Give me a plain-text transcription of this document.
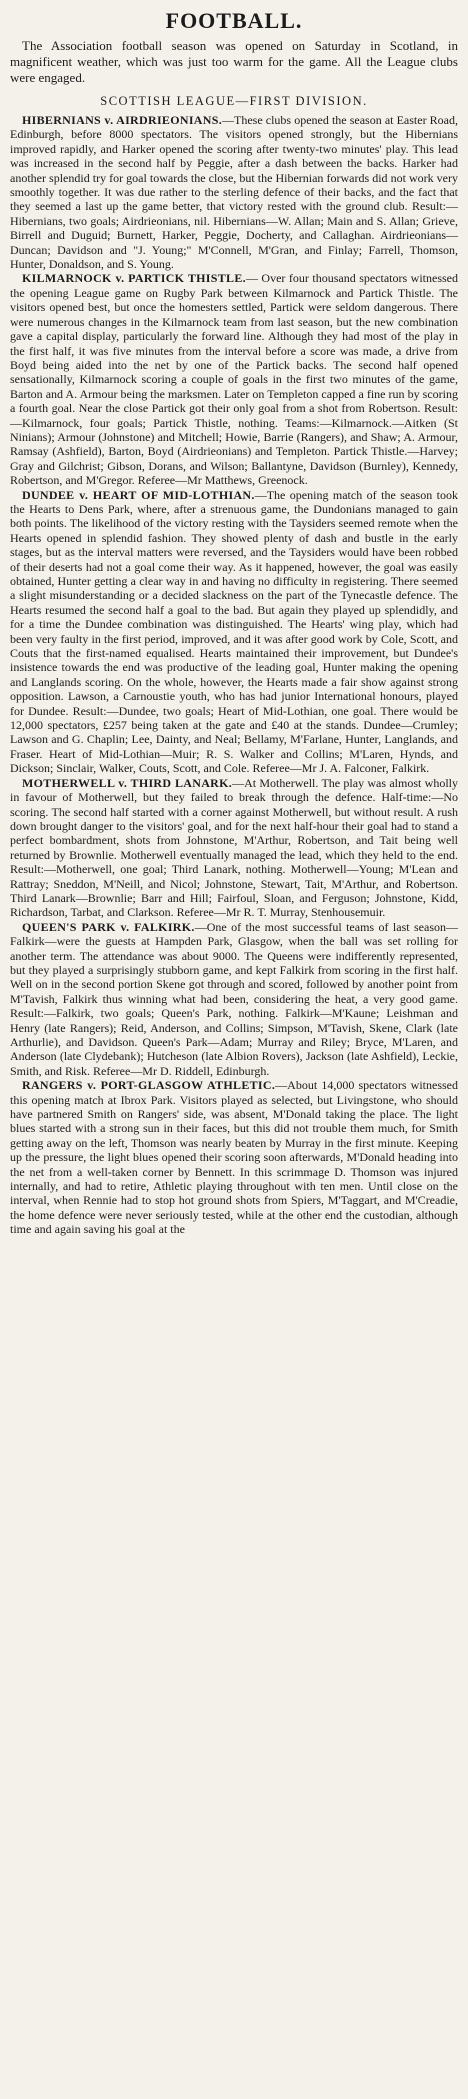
FOOTBALL.

The Association football season was opened on Saturday in Scotland, in magnificent weather, which was just too warm for the game. All the League clubs were engaged.

SCOTTISH LEAGUE—FIRST DIVISION.

HIBERNIANS v. AIRDRIEONIANS.—These clubs opened the season at Easter Road, Edinburgh, before 8000 spectators. The visitors opened strongly, but the Hibernians improved rapidly, and Harker opened the scoring after twenty-two minutes' play. This lead was increased in the second half by Peggie, after a dash between the backs. Harker had another splendid try for goal towards the close, but the Hibernian forwards did not work very smoothly together. It was due rather to the sterling defence of their backs, and the fact that they seemed a last up the game better, that victory rested with the ground club. Result:—Hibernians, two goals; Airdrieonians, nil. Hibernians—W. Allan; Main and S. Allan; Grieve, Birrell and Duguid; Burnett, Harker, Peggie, Docherty, and Callaghan. Airdrieonians—Duncan; Davidson and "J. Young;" M'Connell, M'Gran, and Finlay; Farrell, Thomson, Hunter, Donaldson, and S. Young.

KILMARNOCK v. PARTICK THISTLE.— Over four thousand spectators witnessed the opening League game on Rugby Park between Kilmarnock and Partick Thistle. The visitors opened best, but once the homesters settled, Partick were seldom dangerous. There were numerous changes in the Kilmarnock team from last season, but the new combination gave a capital display, particularly the forward line. Although they had most of the play in the first half, it was five minutes from the interval before a score was made, a drive from Boyd being aided into the net by one of the Partick backs. The second half opened sensationally, Kilmarnock scoring a couple of goals in the first two minutes of the game, Barton and A. Armour being the marksmen. Later on Templeton capped a fine run by scoring a fourth goal. Near the close Partick got their only goal from a shot from Robertson. Result:—Kilmarnock, four goals; Partick Thistle, nothing. Teams:—Kilmarnock.—Aitken (St Ninians); Armour (Johnstone) and Mitchell; Howie, Barrie (Rangers), and Shaw; A. Armour, Ramsay (Ashfield), Barton, Boyd (Airdrieonians) and Templeton. Partick Thistle.—Harvey; Gray and Gilchrist; Gibson, Dorans, and Wilson; Ballantyne, Davidson (Burnley), Kennedy, Robertson, and M'Gregor. Referee—Mr Matthews, Greenock.

DUNDEE v. HEART OF MID-LOTHIAN.—The opening match of the season took the Hearts to Dens Park, where, after a strenuous game, the Dundonians managed to gain both points. The likelihood of the victory resting with the Taysiders seemed remote when the Hearts opened in splendid fashion. They showed plenty of dash and bustle in the early stages, but as the interval matters were reversed, and the Taysiders would have been robbed of their deserts had not a goal come their way. As it happened, however, the goal was easily obtained, Hunter getting a clear way in and having no difficulty in registering. There seemed a slight misunderstanding or a decided slackness on the part of the Tynecastle defence. The Hearts resumed the second half a goal to the bad. But again they played up splendidly, and for a time the Dundee combination was distinguished. The Hearts' wing play, which had been very faulty in the first period, improved, and it was after good work by Cole, Scott, and Couts that the first-named equalised. Hearts maintained their improvement, but Dundee's insistence towards the end was productive of the leading goal, Hunter making the opening and Langlands scoring. On the whole, however, the Hearts made a fair show against strong opposition. Lawson, a Carnoustie youth, who has had junior International honours, played for Dundee. Result:—Dundee, two goals; Heart of Mid-Lothian, one goal. There would be 12,000 spectators, £257 being taken at the gate and £40 at the stands. Dundee—Crumley; Lawson and G. Chaplin; Lee, Dainty, and Neal; Bellamy, M'Farlane, Hunter, Langlands, and Fraser. Heart of Mid-Lothian—Muir; R. S. Walker and Collins; M'Laren, Hynds, and Dickson; Sinclair, Walker, Couts, Scott, and Cole. Referee—Mr J. A. Falconer, Falkirk.

MOTHERWELL v. THIRD LANARK.—At Motherwell. The play was almost wholly in favour of Motherwell, but they failed to break through the defence. Half-time:—No scoring. The second half started with a corner against Motherwell, but without result. A rush down brought danger to the visitors' goal, and for the next half-hour their goal had to stand a perfect bombardment, shots from Johnstone, M'Arthur, Robertson, and Tait being well returned by Brownlie. Motherwell eventually managed the lead, which they held to the end. Result:—Motherwell, one goal; Third Lanark, nothing. Motherwell—Young; M'Lean and Rattray; Sneddon, M'Neill, and Nicol; Johnstone, Stewart, Tait, M'Arthur, and Robertson. Third Lanark—Brownlie; Barr and Hill; Fairfoul, Sloan, and Ferguson; Johnstone, Kidd, Richardson, Tarbat, and Clarkson. Referee—Mr R. T. Murray, Stenhousemuir.

QUEEN'S PARK v. FALKIRK.—One of the most successful teams of last season—Falkirk—were the guests at Hampden Park, Glasgow, when the ball was set rolling for another term. The attendance was about 9000. The Queens were indifferently represented, but they played a surprisingly stubborn game, and kept Falkirk from scoring in the first half. Well on in the second portion Skene got through and scored, followed by another point from M'Tavish, Falkirk thus winning what had been, considering the heat, a very good game. Result:—Falkirk, two goals; Queen's Park, nothing. Falkirk—M'Kaune; Leishman and Henry (late Rangers); Reid, Anderson, and Collins; Simpson, M'Tavish, Skene, Clark (late Arthurlie), and Davidson. Queen's Park—Adam; Murray and Riley; Bryce, M'Laren, and Anderson (late Clydebank); Hutcheson (late Albion Rovers), Jackson (late Ashfield), Leckie, Smith, and Risk. Referee—Mr D. Riddell, Edinburgh.

RANGERS v. PORT-GLASGOW ATHLETIC.—About 14,000 spectators witnessed this opening match at Ibrox Park. Visitors played as selected, but Livingstone, who should have partnered Smith on Rangers' side, was absent, M'Donald taking the place. The light blues started with a strong sun in their faces, but this did not trouble them much, for Smith getting away on the left, Thomson was nearly beaten by Murray in the first minute. Keeping up the pressure, the light blues opened their scoring soon afterwards, M'Donald heading into the net from a well-taken corner by Bennett. In this scrimmage D. Thomson was injured internally, and had to retire, Athletic playing throughout with ten men. Until close on the interval, when Rennie had to stop hot ground shots from Spiers, M'Taggart, and M'Creadie, the home defence were never seriously tested, while at the other end the custodian, although time and again saving his goal at the
